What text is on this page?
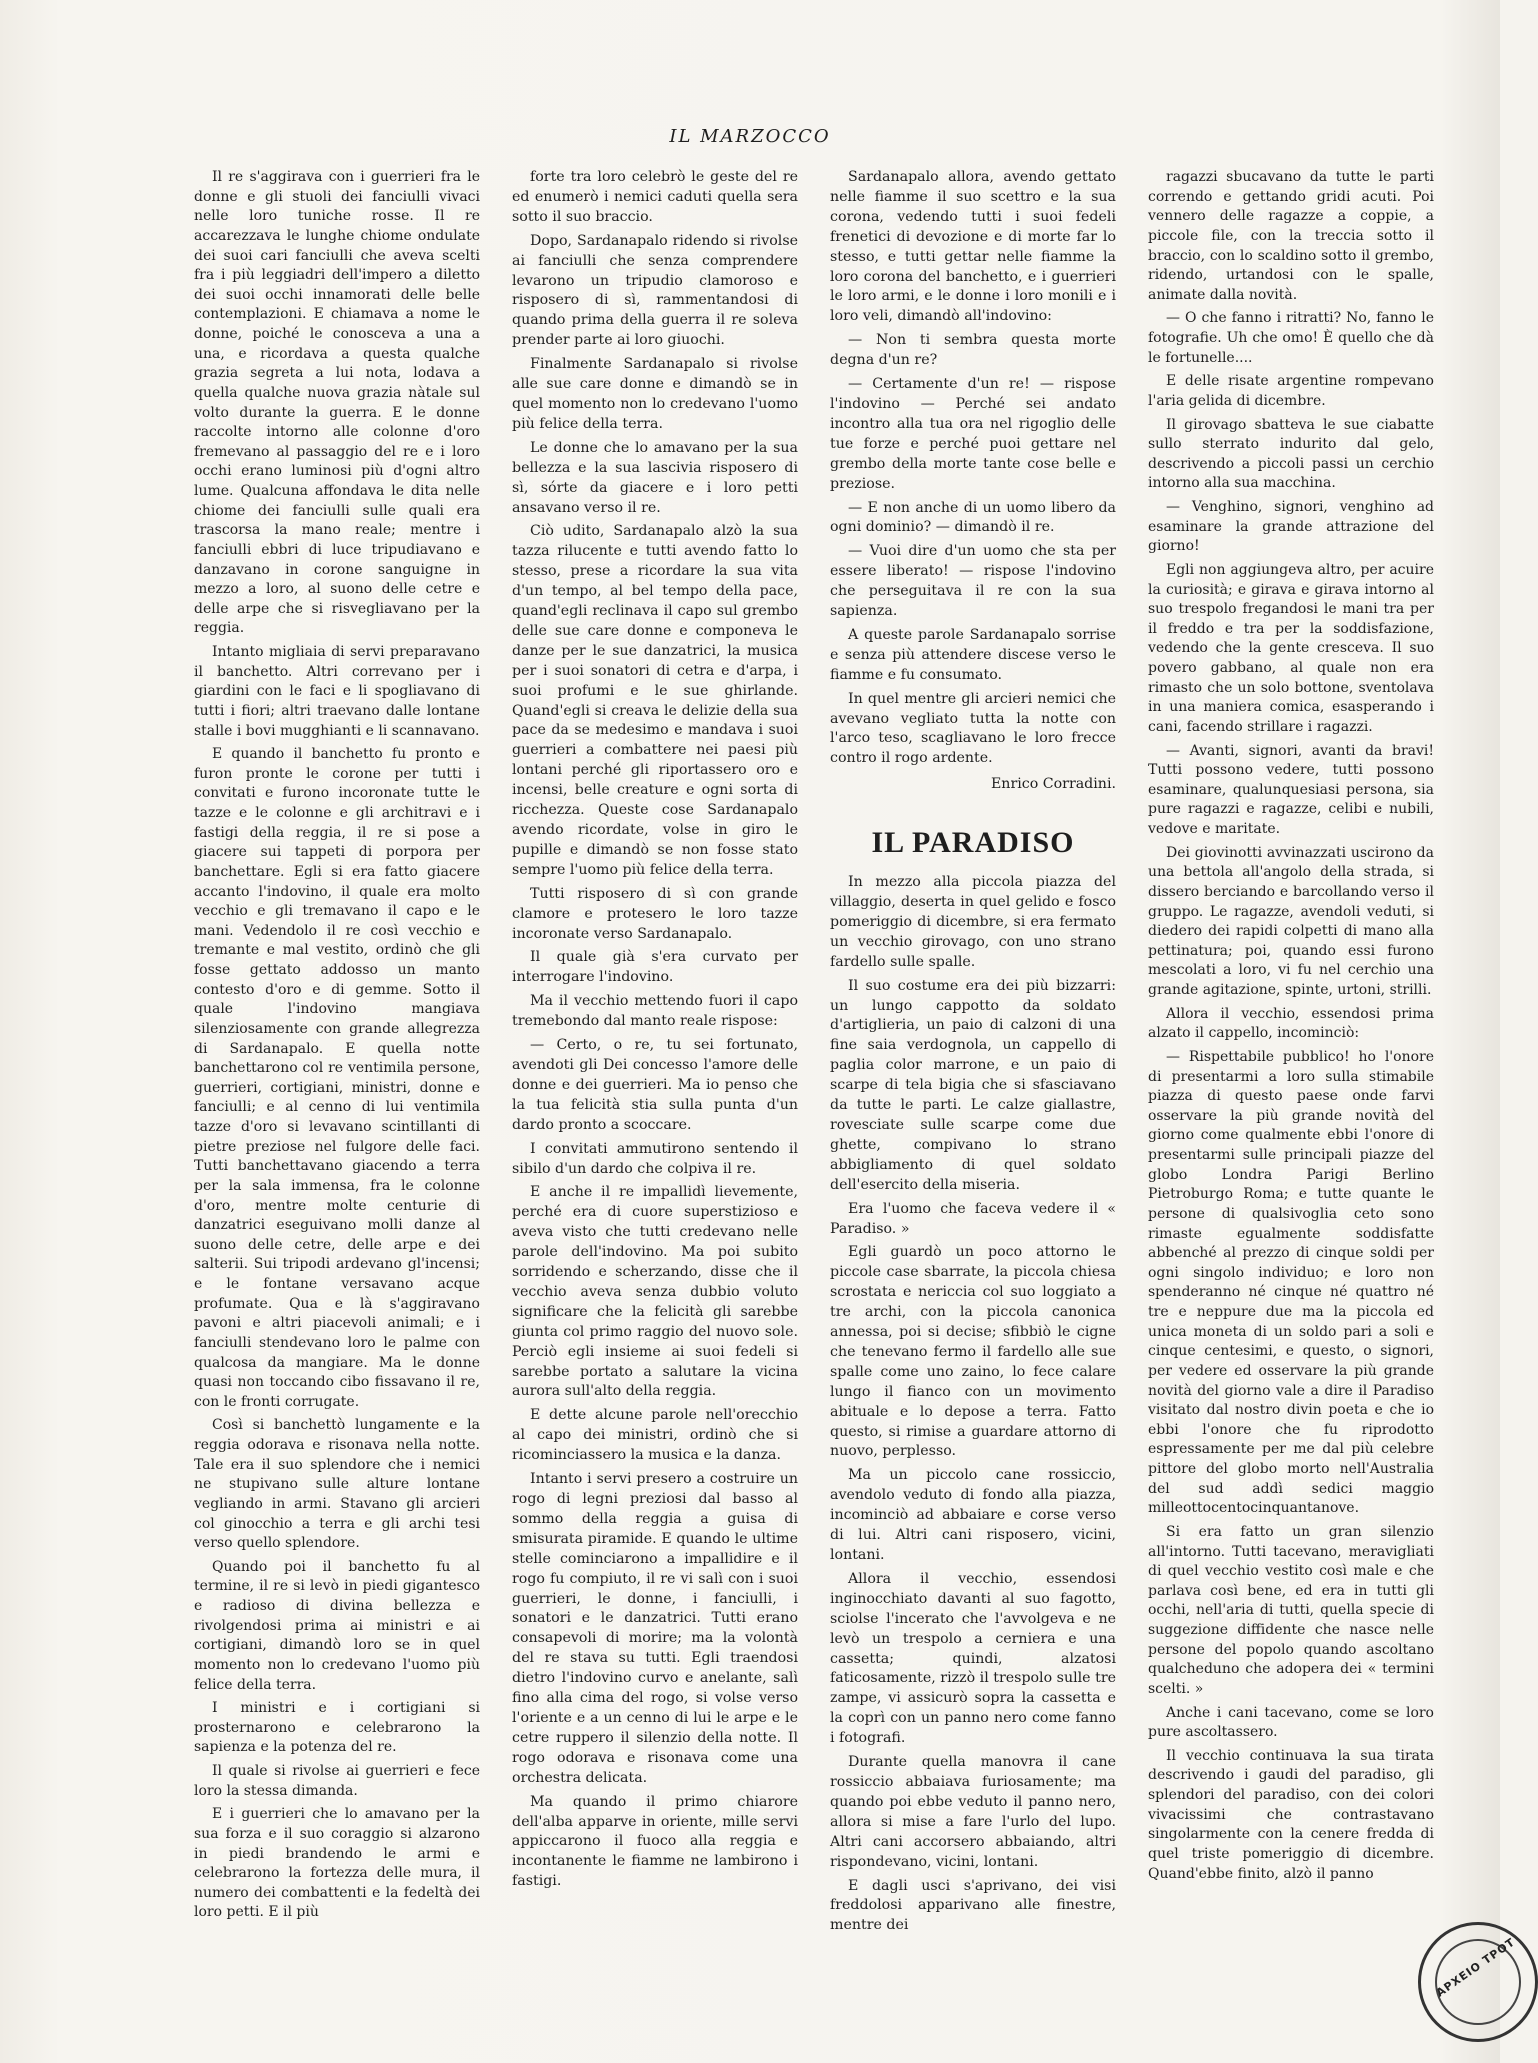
IL MARZOCCO

Il re s'aggirava con i guerrieri fra le donne e gli stuoli dei fanciulli vivaci nelle loro tuniche rosse. Il re accarezzava le lunghe chiome ondulate dei suoi cari fanciulli che aveva scelti fra i più leggiadri dell'impero a diletto dei suoi occhi innamorati delle belle contemplazioni. E chiamava a nome le donne, poiché le conosceva a una a una, e ricordava a questa qualche grazia segreta a lui nota, lodava a quella qualche nuova grazia nàtale sul volto durante la guerra. E le donne raccolte intorno alle colonne d'oro fremevano al passaggio del re e i loro occhi erano luminosi più d'ogni altro lume. Qualcuna affondava le dita nelle chiome dei fanciulli sulle quali era trascorsa la mano reale; mentre i fanciulli ebbri di luce tripudiavano e danzavano in corone sanguigne in mezzo a loro, al suono delle cetre e delle arpe che si risvegliavano per la reggia.

Intanto migliaia di servi preparavano il banchetto. Altri correvano per i giardini con le faci e li spogliavano di tutti i fiori; altri traevano dalle lontane stalle i bovi mugghianti e li scannavano.

E quando il banchetto fu pronto e furon pronte le corone per tutti i convitati e furono incoronate tutte le tazze e le colonne e gli architravi e i fastigi della reggia, il re si pose a giacere sui tappeti di porpora per banchettare. Egli si era fatto giacere accanto l'indovino, il quale era molto vecchio e gli tremavano il capo e le mani. Vedendolo il re così vecchio e tremante e mal vestito, ordinò che gli fosse gettato addosso un manto contesto d'oro e di gemme. Sotto il quale l'indovino mangiava silenziosamente con grande allegrezza di Sardanapalo. E quella notte banchettarono col re ventimila persone, guerrieri, cortigiani, ministri, donne e fanciulli; e al cenno di lui ventimila tazze d'oro si levavano scintillanti di pietre preziose nel fulgore delle faci. Tutti banchettavano giacendo a terra per la sala immensa, fra le colonne d'oro, mentre molte centurie di danzatrici eseguivano molli danze al suono delle cetre, delle arpe e dei salterii. Sui tripodi ardevano gl'incensi; e le fontane versavano acque profumate. Qua e là s'aggiravano pavoni e altri piacevoli animali; e i fanciulli stendevano loro le palme con qualcosa da mangiare. Ma le donne quasi non toccando cibo fissavano il re, con le fronti corrugate.

Così si banchettò lungamente e la reggia odorava e risonava nella notte. Tale era il suo splendore che i nemici ne stupivano sulle alture lontane vegliando in armi. Stavano gli arcieri col ginocchio a terra e gli archi tesi verso quello splendore.

Quando poi il banchetto fu al termine, il re si levò in piedi gigantesco e radioso di divina bellezza e rivolgendosi prima ai ministri e ai cortigiani, dimandò loro se in quel momento non lo credevano l'uomo più felice della terra.

I ministri e i cortigiani si prosternarono e celebrarono la sapienza e la potenza del re.

Il quale si rivolse ai guerrieri e fece loro la stessa dimanda.

E i guerrieri che lo amavano per la sua forza e il suo coraggio si alzarono in piedi brandendo le armi e celebrarono la fortezza delle mura, il numero dei combattenti e la fedeltà dei loro petti. E il più

forte tra loro celebrò le geste del re ed enumerò i nemici caduti quella sera sotto il suo braccio.

Dopo, Sardanapalo ridendo si rivolse ai fanciulli che senza comprendere levarono un tripudio clamoroso e risposero di sì, rammentandosi di quando prima della guerra il re soleva prender parte ai loro giuochi.

Finalmente Sardanapalo si rivolse alle sue care donne e dimandò se in quel momento non lo credevano l'uomo più felice della terra.

Le donne che lo amavano per la sua bellezza e la sua lascivia risposero di sì, sórte da giacere e i loro petti ansavano verso il re.

Ciò udito, Sardanapalo alzò la sua tazza rilucente e tutti avendo fatto lo stesso, prese a ricordare la sua vita d'un tempo, al bel tempo della pace, quand'egli reclinava il capo sul grembo delle sue care donne e componeva le danze per le sue danzatrici, la musica per i suoi sonatori di cetra e d'arpa, i suoi profumi e le sue ghirlande. Quand'egli si creava le delizie della sua pace da se medesimo e mandava i suoi guerrieri a combattere nei paesi più lontani perché gli riportassero oro e incensi, belle creature e ogni sorta di ricchezza. Queste cose Sardanapalo avendo ricordate, volse in giro le pupille e dimandò se non fosse stato sempre l'uomo più felice della terra.

Tutti risposero di sì con grande clamore e protesero le loro tazze incoronate verso Sardanapalo.

Il quale già s'era curvato per interrogare l'indovino.

Ma il vecchio mettendo fuori il capo tremebondo dal manto reale rispose:

— Certo, o re, tu sei fortunato, avendoti gli Dei concesso l'amore delle donne e dei guerrieri. Ma io penso che la tua felicità stia sulla punta d'un dardo pronto a scoccare.

I convitati ammutirono sentendo il sibilo d'un dardo che colpiva il re.

E anche il re impallidì lievemente, perché era di cuore superstizioso e aveva visto che tutti credevano nelle parole dell'indovino. Ma poi subito sorridendo e scherzando, disse che il vecchio aveva senza dubbio voluto significare che la felicità gli sarebbe giunta col primo raggio del nuovo sole. Perciò egli insieme ai suoi fedeli si sarebbe portato a salutare la vicina aurora sull'alto della reggia.

E dette alcune parole nell'orecchio al capo dei ministri, ordinò che si ricominciassero la musica e la danza.

Intanto i servi presero a costruire un rogo di legni preziosi dal basso al sommo della reggia a guisa di smisurata piramide. E quando le ultime stelle cominciarono a impallidire e il rogo fu compiuto, il re vi salì con i suoi guerrieri, le donne, i fanciulli, i sonatori e le danzatrici. Tutti erano consapevoli di morire; ma la volontà del re stava su tutti. Egli traendosi dietro l'indovino curvo e anelante, salì fino alla cima del rogo, si volse verso l'oriente e a un cenno di lui le arpe e le cetre ruppero il silenzio della notte. Il rogo odorava e risonava come una orchestra delicata.

Ma quando il primo chiarore dell'alba apparve in oriente, mille servi appiccarono il fuoco alla reggia e incontanente le fiamme ne lambirono i fastigi.

Sardanapalo allora, avendo gettato nelle fiamme il suo scettro e la sua corona, vedendo tutti i suoi fedeli frenetici di devozione e di morte far lo stesso, e tutti gettar nelle fiamme la loro corona del banchetto, e i guerrieri le loro armi, e le donne i loro monili e i loro veli, dimandò all'indovino:

— Non ti sembra questa morte degna d'un re?

— Certamente d'un re! — rispose l'indovino — Perché sei andato incontro alla tua ora nel rigoglio delle tue forze e perché puoi gettare nel grembo della morte tante cose belle e preziose.

— E non anche di un uomo libero da ogni dominio? — dimandò il re.

— Vuoi dire d'un uomo che sta per essere liberato! — rispose l'indovino che perseguitava il re con la sua sapienza.

A queste parole Sardanapalo sorrise e senza più attendere discese verso le fiamme e fu consumato.

In quel mentre gli arcieri nemici che avevano vegliato tutta la notte con l'arco teso, scagliavano le loro frecce contro il rogo ardente.

Enrico Corradini.

IL PARADISO

In mezzo alla piccola piazza del villaggio, deserta in quel gelido e fosco pomeriggio di dicembre, si era fermato un vecchio girovago, con uno strano fardello sulle spalle.

Il suo costume era dei più bizzarri: un lungo cappotto da soldato d'artiglieria, un paio di calzoni di una fine saia verdognola, un cappello di paglia color marrone, e un paio di scarpe di tela bigia che si sfasciavano da tutte le parti. Le calze giallastre, rovesciate sulle scarpe come due ghette, compivano lo strano abbigliamento di quel soldato dell'esercito della miseria.

Era l'uomo che faceva vedere il « Paradiso. »

Egli guardò un poco attorno le piccole case sbarrate, la piccola chiesa scrostata e nericcia col suo loggiato a tre archi, con la piccola canonica annessa, poi si decise; sfibbiò le cigne che tenevano fermo il fardello alle sue spalle come uno zaino, lo fece calare lungo il fianco con un movimento abituale e lo depose a terra. Fatto questo, si rimise a guardare attorno di nuovo, perplesso.

Ma un piccolo cane rossiccio, avendolo veduto di fondo alla piazza, incominciò ad abbaiare e corse verso di lui. Altri cani risposero, vicini, lontani.

Allora il vecchio, essendosi inginocchiato davanti al suo fagotto, sciolse l'incerato che l'avvolgeva e ne levò un trespolo a cerniera e una cassetta; quindi, alzatosi faticosamente, rizzò il trespolo sulle tre zampe, vi assicurò sopra la cassetta e la coprì con un panno nero come fanno i fotografi.

Durante quella manovra il cane rossiccio abbaiava furiosamente; ma quando poi ebbe veduto il panno nero, allora si mise a fare l'urlo del lupo. Altri cani accorsero abbaiando, altri rispondevano, vicini, lontani.

E dagli usci s'aprivano, dei visi freddolosi apparivano alle finestre, mentre dei

ragazzi sbucavano da tutte le parti correndo e gettando gridi acuti. Poi vennero delle ragazze a coppie, a piccole file, con la treccia sotto il braccio, con lo scaldino sotto il grembo, ridendo, urtandosi con le spalle, animate dalla novità.

— O che fanno i ritratti? No, fanno le fotografie. Uh che omo! È quello che dà le fortunelle....

E delle risate argentine rompevano l'aria gelida di dicembre.

Il girovago sbatteva le sue ciabatte sullo sterrato indurito dal gelo, descrivendo a piccoli passi un cerchio intorno alla sua macchina.

— Venghino, signori, venghino ad esaminare la grande attrazione del giorno!

Egli non aggiungeva altro, per acuire la curiosità; e girava e girava intorno al suo trespolo fregandosi le mani tra per il freddo e tra per la soddisfazione, vedendo che la gente cresceva. Il suo povero gabbano, al quale non era rimasto che un solo bottone, sventolava in una maniera comica, esasperando i cani, facendo strillare i ragazzi.

— Avanti, signori, avanti da bravi! Tutti possono vedere, tutti possono esaminare, qualunquesiasi persona, sia pure ragazzi e ragazze, celibi e nubili, vedove e maritate.

Dei giovinotti avvinazzati uscirono da una bettola all'angolo della strada, si dissero berciando e barcollando verso il gruppo. Le ragazze, avendoli veduti, si diedero dei rapidi colpetti di mano alla pettinatura; poi, quando essi furono mescolati a loro, vi fu nel cerchio una grande agitazione, spinte, urtoni, strilli.

Allora il vecchio, essendosi prima alzato il cappello, incominciò:

— Rispettabile pubblico! ho l'onore di presentarmi a loro sulla stimabile piazza di questo paese onde farvi osservare la più grande novità del giorno come qualmente ebbi l'onore di presentarmi sulle principali piazze del globo Londra Parigi Berlino Pietroburgo Roma; e tutte quante le persone di qualsivoglia ceto sono rimaste egualmente soddisfatte abbenché al prezzo di cinque soldi per ogni singolo individuo; e loro non spenderanno né cinque né quattro né tre e neppure due ma la piccola ed unica moneta di un soldo pari a soli e cinque centesimi, e questo, o signori, per vedere ed osservare la più grande novità del giorno vale a dire il Paradiso visitato dal nostro divin poeta e che io ebbi l'onore che fu riprodotto espressamente per me dal più celebre pittore del globo morto nell'Australia del sud addì sedici maggio milleottocentocinquantanove.

Si era fatto un gran silenzio all'intorno. Tutti tacevano, meravigliati di quel vecchio vestito così male e che parlava così bene, ed era in tutti gli occhi, nell'aria di tutti, quella specie di suggezione diffidente che nasce nelle persone del popolo quando ascoltano qualcheduno che adopera dei « termini scelti. »

Anche i cani tacevano, come se loro pure ascoltassero.

Il vecchio continuava la sua tirata descrivendo i gaudi del paradiso, gli splendori del paradiso, con dei colori vivacissimi che contrastavano singolarmente con la cenere fredda di quel triste pomeriggio di dicembre. Quand'ebbe finito, alzò il panno

ΑΡΧΕΙΟ ΤΡΟΤ
